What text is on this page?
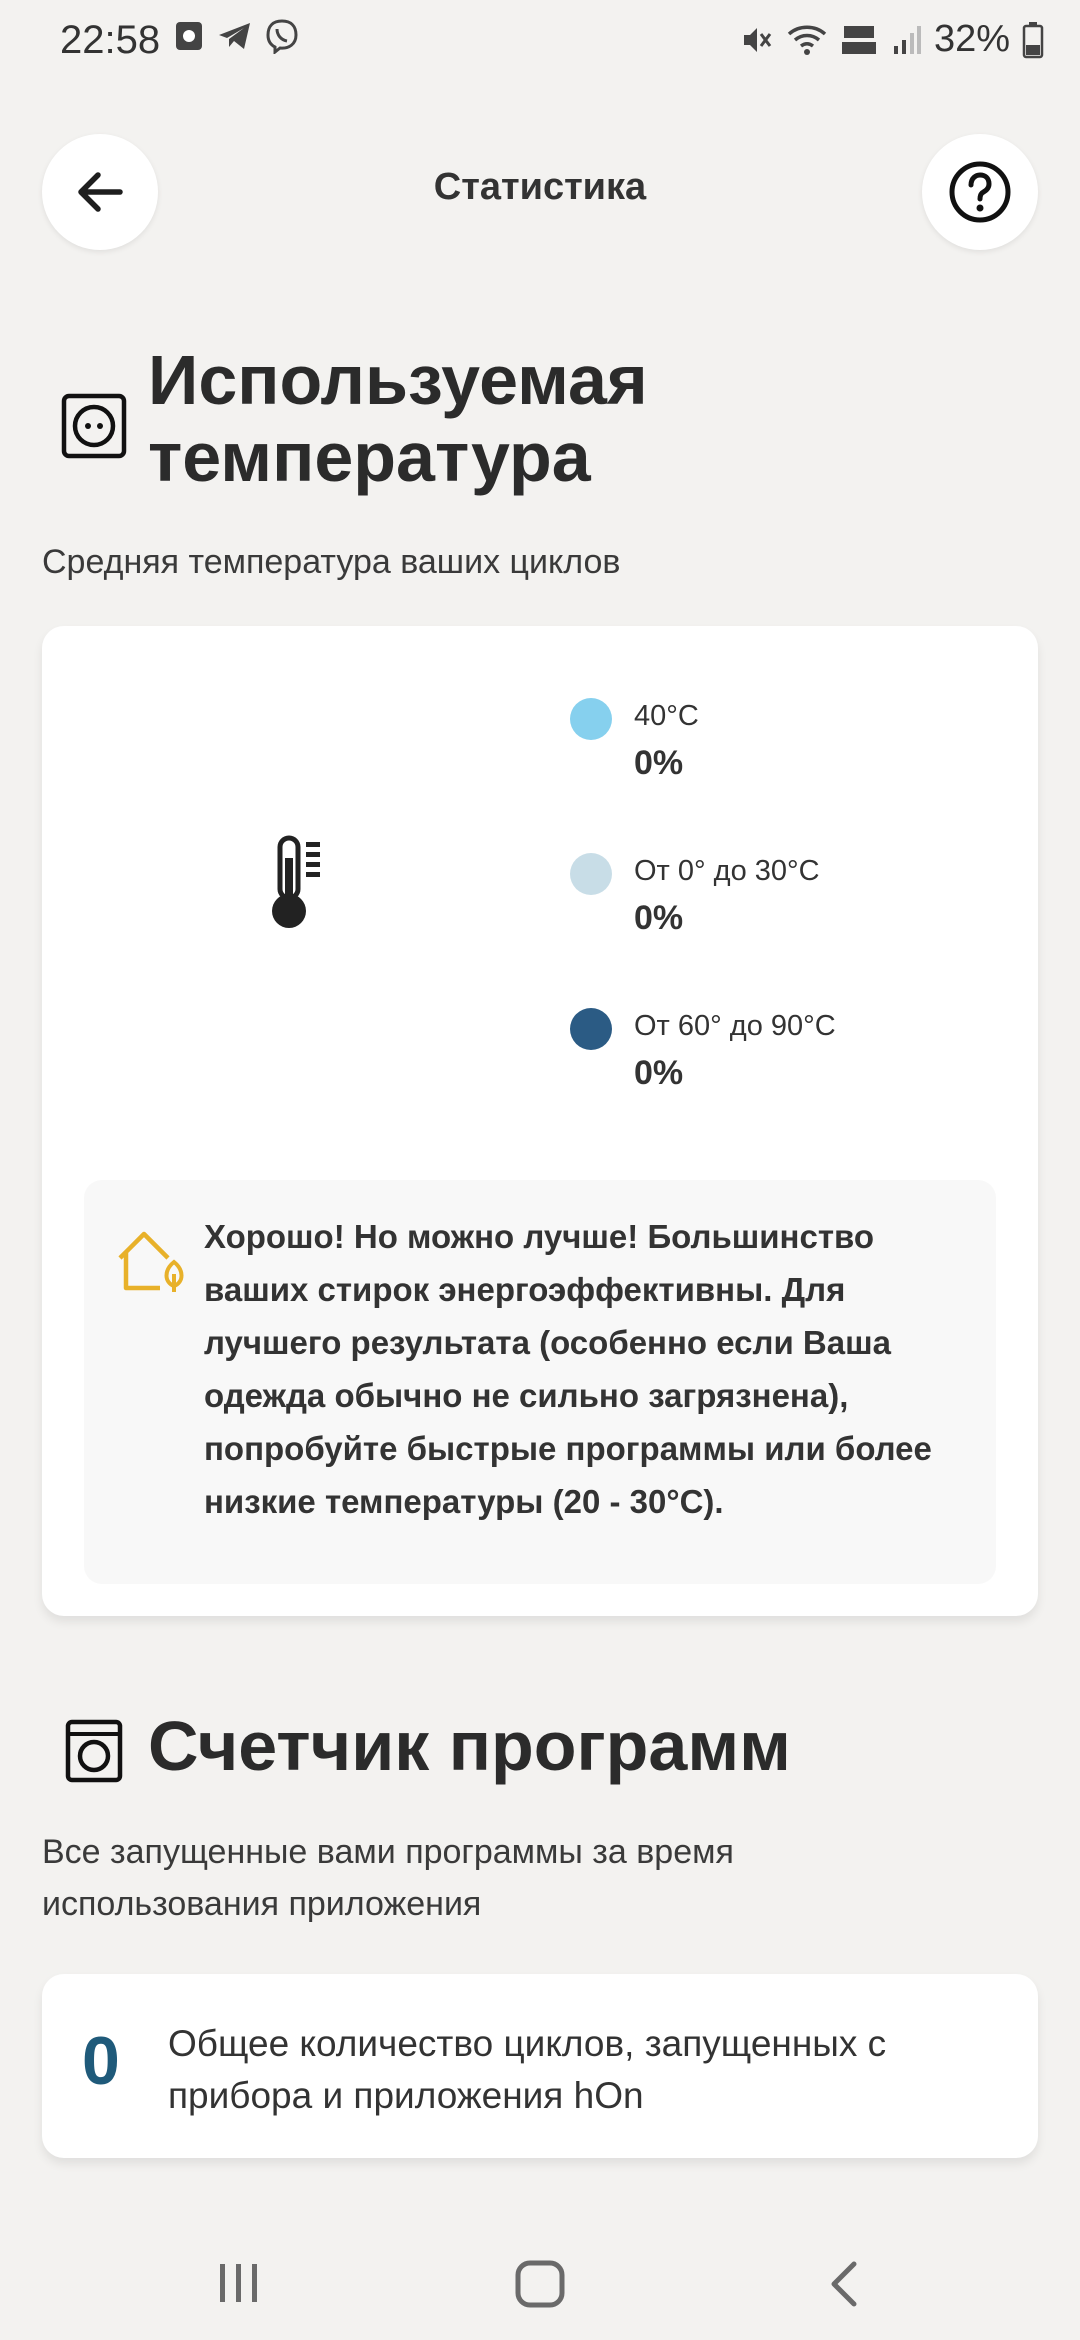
22:58	32%
Статистика
Используемая температура
Средняя температура ваших циклов
40°C
0%
От 0° до 30°C
0%
От 60° до 90°C
0%
Хорошо! Но можно лучше! Большинство ваших стирок энергоэффективны. Для лучшего результата (особенно если Ваша одежда обычно не сильно загрязнена), попробуйте быстрые программы или более низкие температуры (20 - 30°C).
Счетчик программ
Все запущенные вами программы за время использования приложения
0 Общее количество циклов, запущенных с прибора и приложения hOn
